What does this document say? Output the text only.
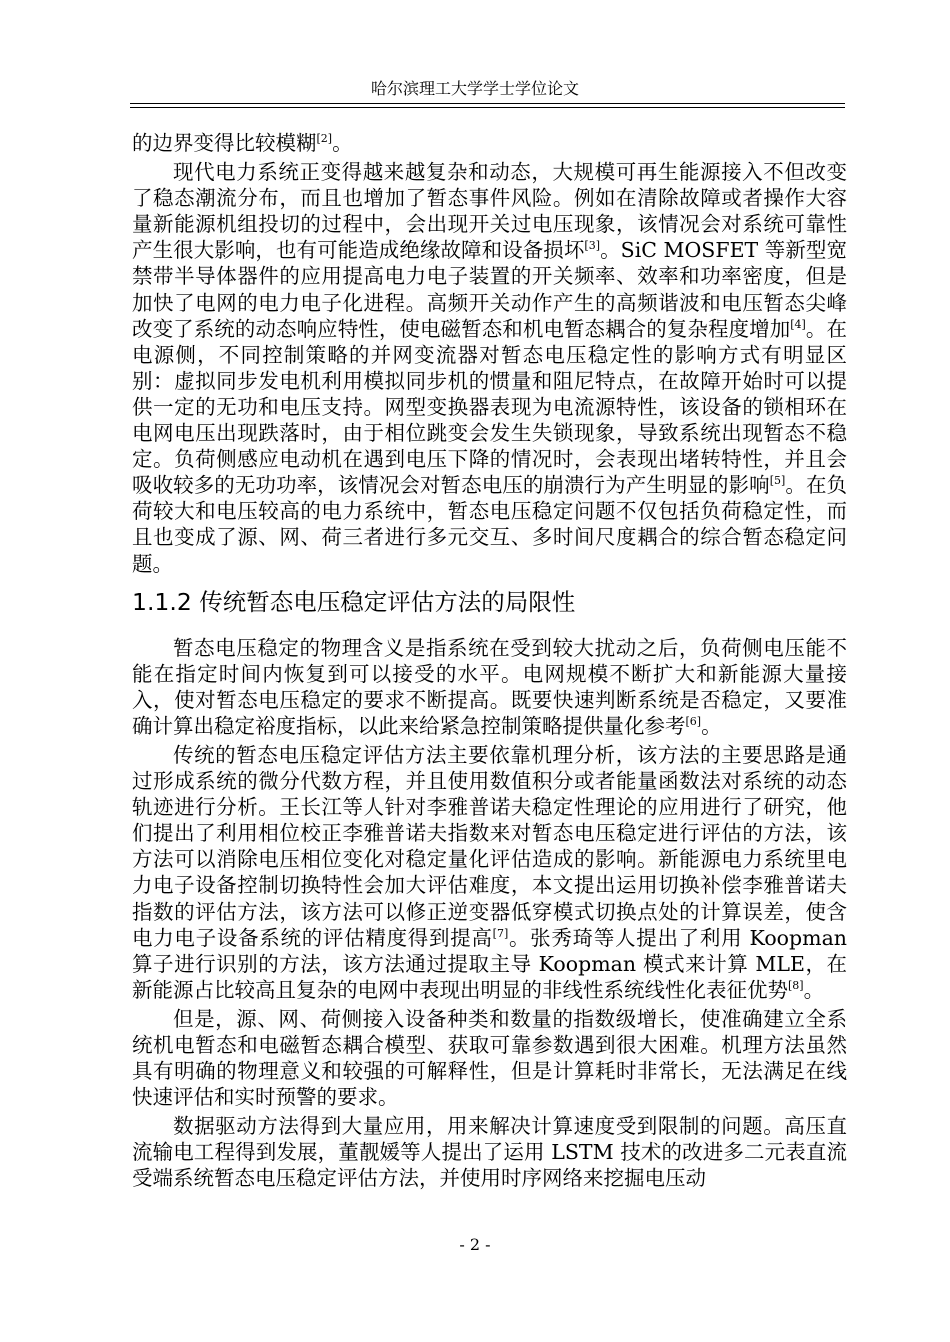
哈尔滨理工大学学士学位论文

的边界变得比较模糊[2]。

现代电力系统正变得越来越复杂和动态，大规模可再生能源接入不但改变了稳态潮流分布，而且也增加了暂态事件风险。例如在清除故障或者操作大容量新能源机组投切的过程中，会出现开关过电压现象，该情况会对系统可靠性产生很大影响，也有可能造成绝缘故障和设备损坏[3]。SiC MOSFET 等新型宽禁带半导体器件的应用提高电力电子装置的开关频率、效率和功率密度，但是加快了电网的电力电子化进程。高频开关动作产生的高频谐波和电压暂态尖峰改变了系统的动态响应特性，使电磁暂态和机电暂态耦合的复杂程度增加[4]。在电源侧，不同控制策略的并网变流器对暂态电压稳定性的影响方式有明显区别：虚拟同步发电机利用模拟同步机的惯量和阻尼特点，在故障开始时可以提供一定的无功和电压支持。网型变换器表现为电流源特性，该设备的锁相环在电网电压出现跌落时，由于相位跳变会发生失锁现象，导致系统出现暂态不稳定。负荷侧感应电动机在遇到电压下降的情况时，会表现出堵转特性，并且会吸收较多的无功功率，该情况会对暂态电压的崩溃行为产生明显的影响[5]。在负荷较大和电压较高的电力系统中，暂态电压稳定问题不仅包括负荷稳定性，而且也变成了源、网、荷三者进行多元交互、多时间尺度耦合的综合暂态稳定问题。

1.1.2 传统暂态电压稳定评估方法的局限性

暂态电压稳定的物理含义是指系统在受到较大扰动之后，负荷侧电压能不能在指定时间内恢复到可以接受的水平。电网规模不断扩大和新能源大量接入，使对暂态电压稳定的要求不断提高。既要快速判断系统是否稳定，又要准确计算出稳定裕度指标，以此来给紧急控制策略提供量化参考[6]。

传统的暂态电压稳定评估方法主要依靠机理分析，该方法的主要思路是通过形成系统的微分代数方程，并且使用数值积分或者能量函数法对系统的动态轨迹进行分析。王长江等人针对李雅普诺夫稳定性理论的应用进行了研究，他们提出了利用相位校正李雅普诺夫指数来对暂态电压稳定进行评估的方法，该方法可以消除电压相位变化对稳定量化评估造成的影响。新能源电力系统里电力电子设备控制切换特性会加大评估难度，本文提出运用切换补偿李雅普诺夫指数的评估方法，该方法可以修正逆变器低穿模式切换点处的计算误差，使含电力电子设备系统的评估精度得到提高[7]。张秀琦等人提出了利用 Koopman 算子进行识别的方法，该方法通过提取主导 Koopman 模式来计算 MLE，在新能源占比较高且复杂的电网中表现出明显的非线性系统线性化表征优势[8]。

但是，源、网、荷侧接入设备种类和数量的指数级增长，使准确建立全系统机电暂态和电磁暂态耦合模型、获取可靠参数遇到很大困难。机理方法虽然具有明确的物理意义和较强的可解释性，但是计算耗时非常长，无法满足在线快速评估和实时预警的要求。

数据驱动方法得到大量应用，用来解决计算速度受到限制的问题。高压直流输电工程得到发展，董靓媛等人提出了运用 LSTM 技术的改进多二元表直流受端系统暂态电压稳定评估方法，并使用时序网络来挖掘电压动

- 2 -
